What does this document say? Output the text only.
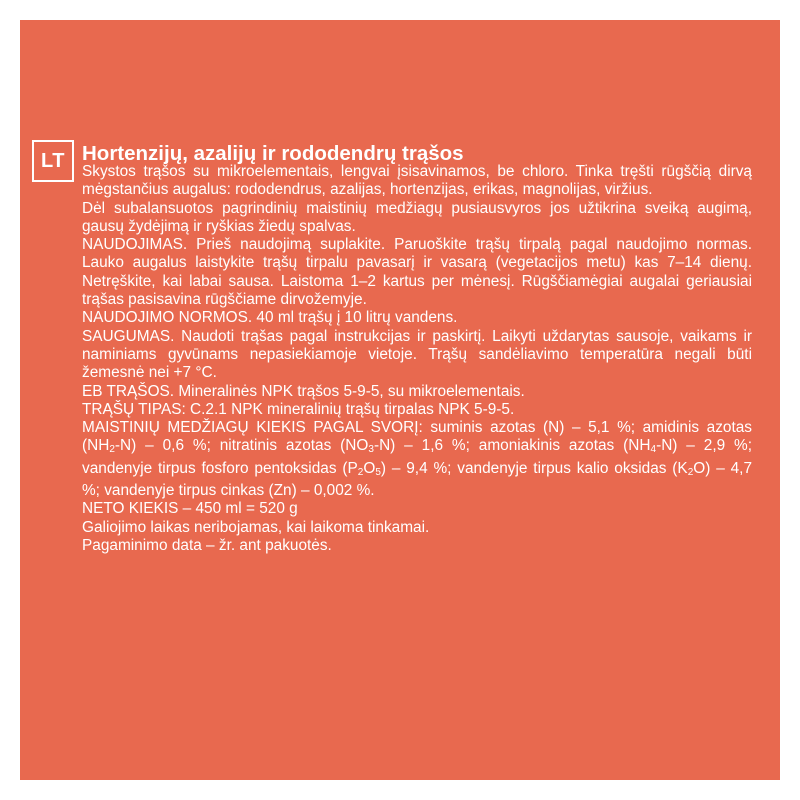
LT Hortenzijų, azalijų ir rododendrų trąšos

Skystos trąšos su mikroelementais, lengvai įsisavinamos, be chloro. Tinka tręšti rūgščią dirvą mėgstančius augalus: rododendrus, azalijas, hortenzijas, erikas, magnolijas, viržius.

Dėl subalansuotos pagrindinių maistinių medžiagų pusiausvyros jos užtikrina sveiką augimą, gausų žydėjimą ir ryškias žiedų spalvas.

NAUDOJIMAS. Prieš naudojimą suplakite. Paruoškite trąšų tirpalą pagal naudojimo normas. Lauko augalus laistykite trąšų tirpalu pavasarį ir vasarą (vegetacijos metu) kas 7–14 dienų. Netręškite, kai labai sausa. Laistoma 1–2 kartus per mėnesį. Rūgščiamėgiai augalai geriausiai trąšas pasisavina rūgščiame dirvožemyje.

NAUDOJIMO NORMOS. 40 ml trąšų į 10 litrų vandens.

SAUGUMAS. Naudoti trąšas pagal instrukcijas ir paskirtį. Laikyti uždarytas sausoje, vaikams ir naminiams gyvūnams nepasiekiamoje vietoje. Trąšų sandėliavimo temperatūra negali būti žemesnė nei +7 °C.

EB TRĄŠOS. Mineralinės NPK trąšos 5-9-5, su mikroelementais.

TRĄŠŲ TIPAS: C.2.1 NPK mineralinių trąšų tirpalas NPK 5-9-5.

MAISTINIŲ MEDŽIAGŲ KIEKIS PAGAL SVORĮ: suminis azotas (N) – 5,1 %; amidinis azotas $(NH_2-N) - 0,6$ %; nitratinis azotas $(NO_3-N) - 1,6$ %; amoniakinis azotas $(NH_4-N) - 2,9$ %; vandenyje tirpus fosforo pentoksidas $(P_2O_5) - 9,4$ %; vandenyje tirpus kalio oksidas $(K_2O) - 4,7$ %; vandenyje tirpus cinkas (Zn) – 0,002 %.

NETO KIEKIS – 450 ml = 520 g

Galiojimo laikas neribojamas, kai laikoma tinkamai.

Pagaminimo data – žr. ant pakuotės.
